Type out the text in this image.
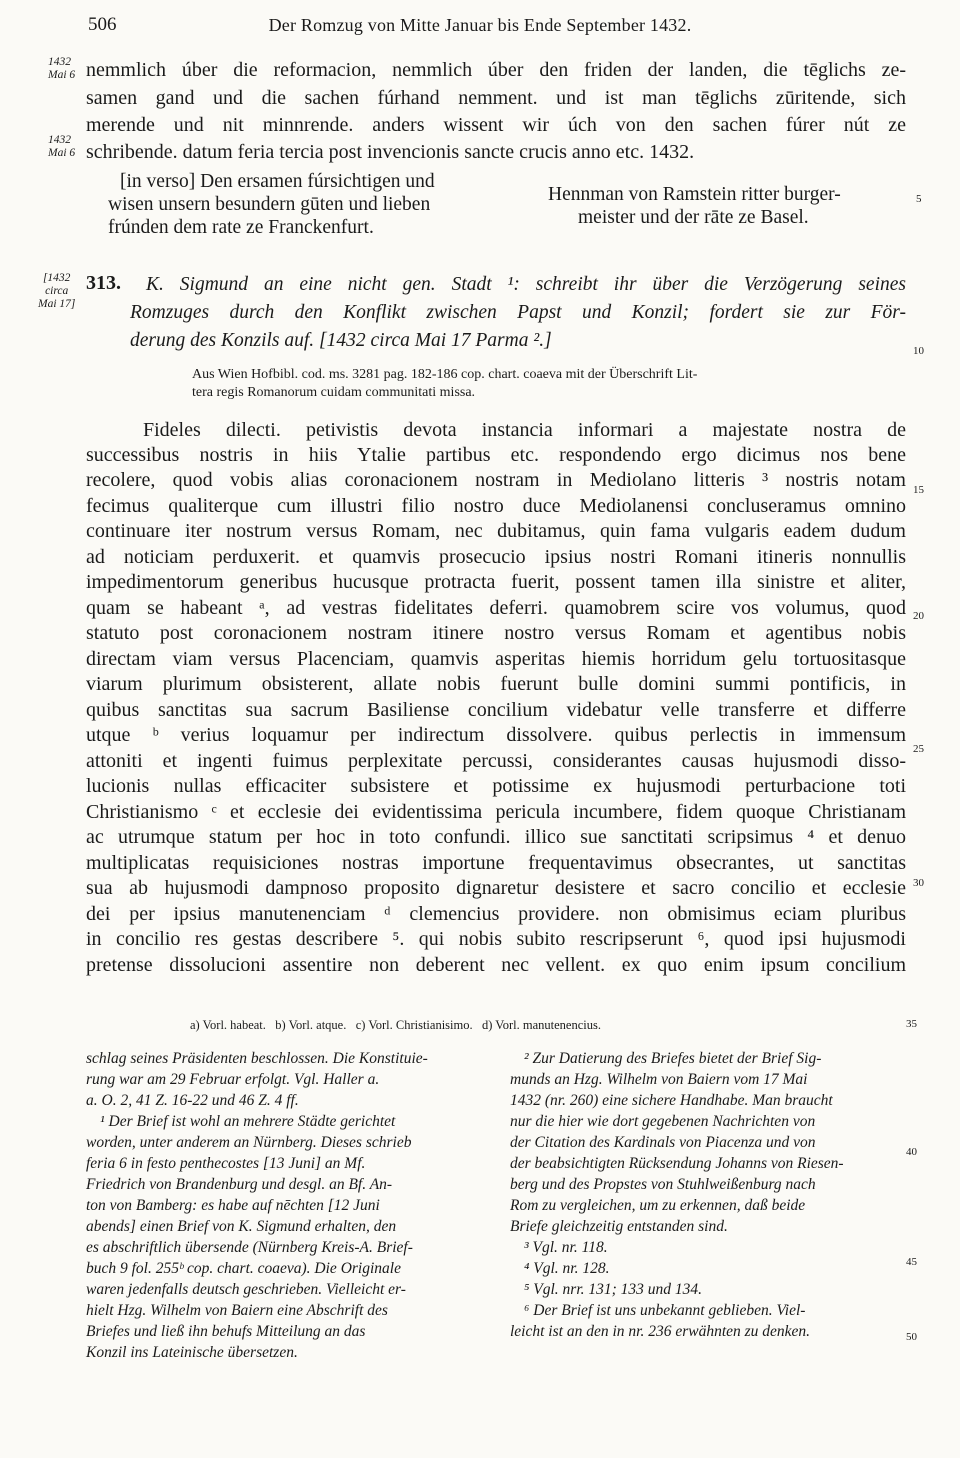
506	Der Romzug von Mitte Januar bis Ende September 1432.
1432
Mai 6
1432
Mai 6
[1432
circa
Mai 17]
5
10
15
20
25
30
35
40
45
50
nemmlich úber die reformacion, nemmlich úber den friden der landen, die tēglichs ze-
samen gand und die sachen fúrhand nemment. und ist man tēglichs zūritende, sich
merende und nit minnrende. anders wissent wir úch von den sachen fúrer nút ze
schribende. datum feria tercia post invencionis sancte crucis anno etc. 1432.
[in verso] Den ersamen fúrsichtigen und
wisen unsern besundern gūten und lieben
frúnden dem rate ze Franckenfurt.
Hennman von Ramstein ritter burger-
meister und der rāte ze Basel.
313. K. Sigmund an eine nicht gen. Stadt ¹: schreibt ihr über die Verzögerung seines
Romzuges durch den Konflikt zwischen Papst und Konzil; fordert sie zur För-
derung des Konzils auf. [1432 circa Mai 17 Parma ².]
Aus Wien Hofbibl. cod. ms. 3281 pag. 182-186 cop. chart. coaeva mit der Überschrift Lit-
tera regis Romanorum cuidam communitati missa.
Fideles dilecti. petivistis devota instancia informari a majestate nostra de
successibus nostris in hiis Ytalie partibus etc. respondendo ergo dicimus nos bene
recolere, quod vobis alias coronacionem nostram in Mediolano litteris ³ nostris notam
fecimus qualiterque cum illustri filio nostro duce Mediolanensi concluseramus omnino
continuare iter nostrum versus Romam, nec dubitamus, quin fama vulgaris eadem dudum
ad noticiam perduxerit. et quamvis prosecucio ipsius nostri Romani itineris nonnullis
impedimentorum generibus hucusque protracta fuerit, possent tamen illa sinistre et aliter,
quam se habeant ᵃ, ad vestras fidelitates deferri. quamobrem scire vos volumus, quod
statuto post coronacionem nostram itinere nostro versus Romam et agentibus nobis
directam viam versus Placenciam, quamvis asperitas hiemis horridum gelu tortuositasque
viarum plurimum obsisterent, allate nobis fuerunt bulle domini summi pontificis, in
quibus sanctitas sua sacrum Basiliense concilium videbatur velle transferre et differre
utque ᵇ verius loquamur per indirectum dissolvere. quibus perlectis in immensum
attoniti et ingenti fuimus perplexitate percussi, considerantes causas hujusmodi disso-
lucionis nullas efficaciter subsistere et potissime ex hujusmodi perturbacione toti
Christianismo ᶜ et ecclesie dei evidentissima pericula incumbere, fidem quoque Christianam
ac utrumque statum per hoc in toto confundi. illico sue sanctitati scripsimus ⁴ et denuo
multiplicatas requisiciones nostras importune frequentavimus obsecrantes, ut sanctitas
sua ab hujusmodi dampnoso proposito dignaretur desistere et sacro concilio et ecclesie
dei per ipsius manutenenciam ᵈ clemencius providere. non obmisimus eciam pluribus
in concilio res gestas describere ⁵. qui nobis subito rescripserunt ⁶, quod ipsi hujusmodi
pretense dissolucioni assentire non deberent nec vellent. ex quo enim ipsum concilium
a) Vorl. habeat.   b) Vorl. atque.   c) Vorl. Christianisimo.   d) Vorl. manutenencius.
schlag seines Präsidenten beschlossen. Die Konstituie-
rung war am 29 Februar erfolgt. Vgl. Haller a.
a. O. 2, 41 Z. 16-22 und 46 Z. 4 ff.
¹ Der Brief ist wohl an mehrere Städte gerichtet
worden, unter anderem an Nürnberg. Dieses schrieb
feria 6 in festo penthecostes [13 Juni] an Mf.
Friedrich von Brandenburg und desgl. an Bf. An-
ton von Bamberg: es habe auf nēchten [12 Juni
abends] einen Brief von K. Sigmund erhalten, den
es abschriftlich übersende (Nürnberg Kreis-A. Brief-
buch 9 fol. 255ᵇ cop. chart. coaeva). Die Originale
waren jedenfalls deutsch geschrieben. Vielleicht er-
hielt Hzg. Wilhelm von Baiern eine Abschrift des
Briefes und ließ ihn behufs Mitteilung an das
Konzil ins Lateinische übersetzen.
² Zur Datierung des Briefes bietet der Brief Sig-
munds an Hzg. Wilhelm von Baiern vom 17 Mai
1432 (nr. 260) eine sichere Handhabe. Man braucht
nur die hier wie dort gegebenen Nachrichten von
der Citation des Kardinals von Piacenza und von
der beabsichtigten Rücksendung Johanns von Riesen-
berg und des Propstes von Stuhlweißenburg nach
Rom zu vergleichen, um zu erkennen, daß beide
Briefe gleichzeitig entstanden sind.
³ Vgl. nr. 118.
⁴ Vgl. nr. 128.
⁵ Vgl. nrr. 131; 133 und 134.
⁶ Der Brief ist uns unbekannt geblieben. Viel-
leicht ist an den in nr. 236 erwähnten zu denken.
